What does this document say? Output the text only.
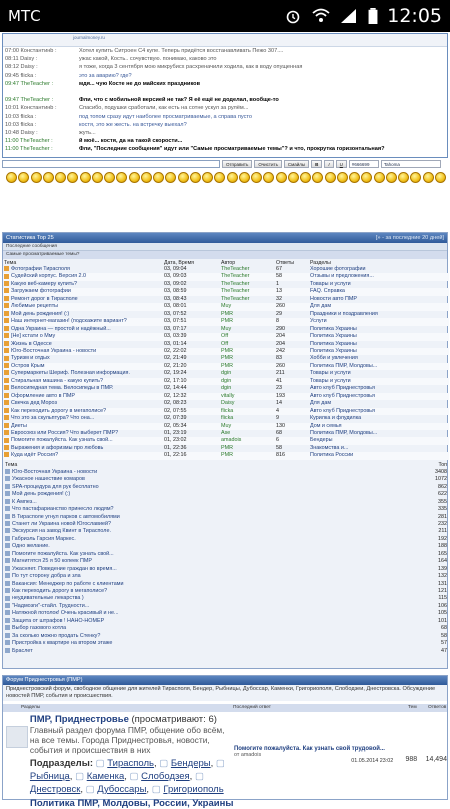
МТС	12:05
journalmoney.ru
07:00 Константинb :	Хотел купить Ситроен С4 купе. Теперь придётся восстанавливать Пежо 307....
08:11 Daisy :	ужас какой, Кость.. сочувствую. понимаю, каково это
08:12 Daisy :	я тоже, когда 3 сентября мою микрубисх расхреначили ходила, как в воду опущенная
09:45 flicka :	это за аварию? где?
09:47 TheTeacher :	мдя... чую Косте не до майских праздников
09:47 TheTeacher :	Фли, что с мобильной версией не так? Я её ещё не доделал, вообще-то
10:01 Константинb :	Спасибо, подушки сработали, как есть на сотне ускул за рулём...
10:03 flicka :	под топом сразу идут наиболее просматриваемые, а справа пусто
10:03 flicka :	костя, это же жесть. на встречку выехал?
10:48 Daisy :	жуть...
11:00 TheTeacher :	й моё... костя, да на такой скорости...
11:00 TheTeacher :	Фли, "Последние сообщения" идут или "Самые просматриваемые темы"? и что, прокрутка горизонтальная?
Отправить	Очистить	Смайлы	B	I	U	#666699	Tahoma
Статистика Top 25	[» - за последние 20 дней]
Последние сообщения
Самые просматриваемые темы?
Тема	Дата, Время	Автор	Ответы	Разделы
Фотографии Тирасполя	03, 09:04	TheTeacher	67	Хорошие фотографии
Судейский корпус. Версия 2.0	03, 09:03	TheTeacher	58	Отзывы и предложения...
Какую веб-камеру купить?	03, 09:02	TheTeacher	1	Товары и услуги
Загружаем фотографии	03, 08:59	TheTeacher	13	FAQ. Справка
Ремонт дорог в Тирасполе	03, 08:43	TheTeacher	32	Новости авто ПМР
Любимые рецепты	03, 08:01	Muy	260	Для дам
Мой день рождения! (:)	03, 07:52	PMR	29	Праздники и поздравления
Наш интернет-магазин! (подскажите вариант?	03, 07:51	PMR	8	Услуги
Одна Украина — простой и надёжный...	03, 07:17	Muy	290	Политика Украины
[Не] кстати о Мму	03, 03:39	Off	204	Политика Украины
Жизнь в Одессе	03, 01:14	Off	204	Политика Украины
Юго-Восточная Украина - новости	02, 22:02	PMR	242	Политика Украины
Туризм и отдых	02, 21:49	PMR	83	Хобби и увлечения
Остров Крым	02, 21:20	PMR	260	Политика ПМР, Молдовы...
Супермаркеты Шериф. Полезная информация.	02, 19:24	dgin	211	Товары и услуги
Стиральная машина - какую купить?	02, 17:10	dgin	41	Товары и услуги
Велосипедная тема. Велосипеды в ПМР.	02, 14:44	dgin	23	Авто клуб Приднестровья
Оформление авто в ПМР	02, 12:32	vitally	193	Авто клуб Приднестровья
Свечка дед Мороз	02, 08:23	Daisy	14	Для дам
Как переходить дорогу в мегаполисе?	02, 07:55	flicka	4	Авто клуб Приднестровья
Что это за скульптура? Что она...	02, 07:39	flicka	9	Курилка и флудилка
Диеты	02, 05:34	Muy	130	Дом и семья
Евросоюз или Россия? Что выберет ПМР?	01, 23:19	Ase	68	Политика ПМР, Молдовы...
Помогите пожалуйста. Как узнать свой...	01, 23:02	amadois	6	Бендеры
Выражения и афоризмы про любовь	01, 22:36	PMR	58	Знакомства и...
Куда идёт Россия?	01, 22:16	PMR	816	Политика России
Тема	Топ
Юго-Восточная Украина - новости	3408
Ужасное нашествие комаров	1072
SPA-процедура для рук бесплатно	862
Мой день рождения! (:)	622
К Ампез...	355
Что пастафарианство принесло людям?	335
В Тирасполе угнул парков с автомобилями	281
Станет ли Украина новой Югославией?	232
Экскурсия на завод Квинт в Тирасполе.	211
Габриэль Гарсия Маркес.	192
Одно желание.	188
Помогите пожалуйста. Как узнать свой...	165
Магнитятся 25 я 50 копеек ПМР	164
Ужасняет. Поведение граждан во время...	139
По тут сторону добра и зла	132
Вакансия: Менеджер по работе с клиентами	131
Как переходить дорогу в мегаполисе?	121
неудивательные лекарства )	115
"Надмозги"-стайл. Трудности...	106
Натяжной потолок! Очень красивый и не...	105
Защита от штрафов ! НАНО-НОМЕР	101
Выбор газового котла	68
За сколько можно продать Стенку?	58
Пристройка к квартире на втором этаже	57
Браслет	47
Форум Приднестровья (ПМР)
Приднестровский форум, свободное общение для жителей Тирасполя, Бендер, Рыбницы, Дубоссар, Каменки, Григориополя, Слободзеи, Днестровска. Обсуждение новостей ПМР, события и происшествия.
Разделы	Последний ответ	Тем	Ответов
ПМР, Приднестровье (просматривают: 6)
Главный раздел форума ПМР, общение обо всём, на все темы. Города Приднестровья, новости, события и происшествия в них
Подразделы: ▢ Тирасполь, ▢ Бендеры, ▢ Рыбница, ▢ Каменка, ▢ Слободзея, ▢ Днестровск, ▢ Дубоссары, ▢ Григориополь
Помогите пожалуйста. Как узнать свой трудовой...
от amadois
01.05.2014 23:02	988	14,494
Политика ПМР, Молдовы, России, Украины
